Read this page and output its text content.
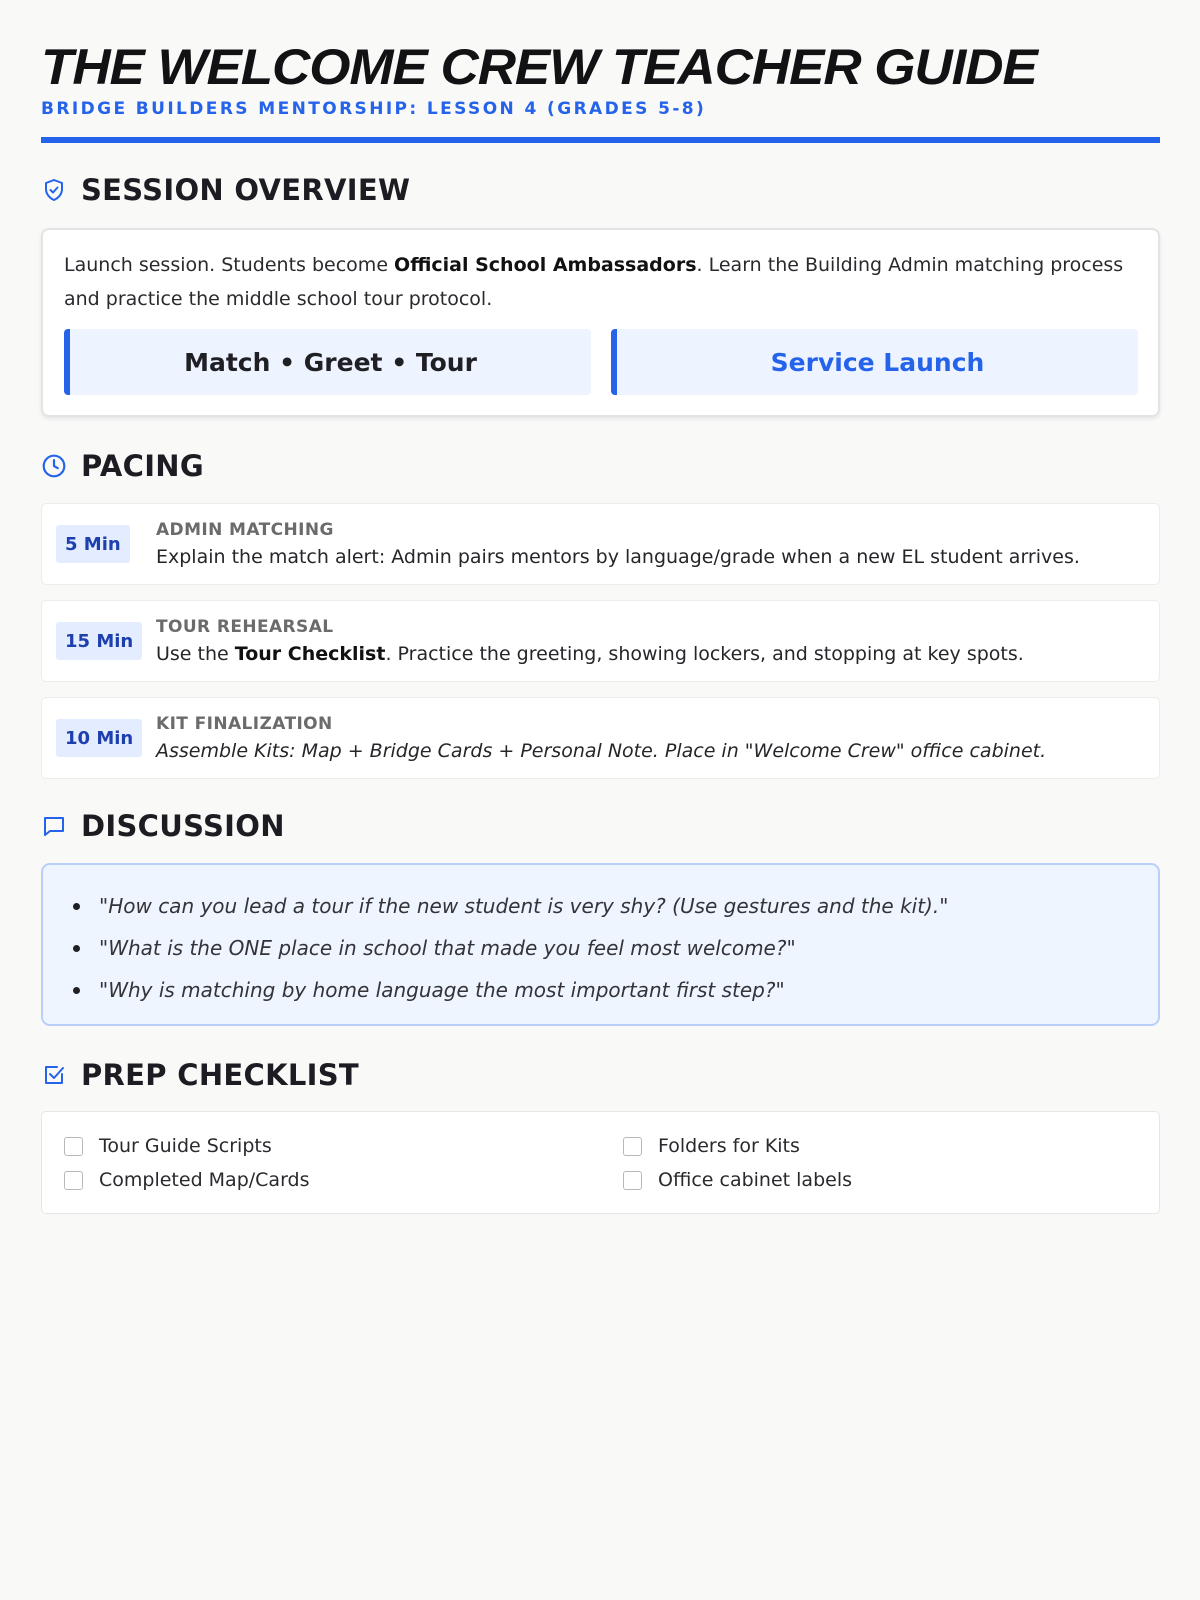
THE WELCOME CREW TEACHER GUIDE
BRIDGE BUILDERS MENTORSHIP: LESSON 4 (GRADES 5-8)
SESSION OVERVIEW

Launch session. Students become Official School Ambassadors. Learn the Building Admin matching process and practice the middle school tour protocol.

Match • Greet • Tour	Service Launch
PACING
5 Min
ADMIN MATCHING
Explain the match alert: Admin pairs mentors by language/grade when a new EL student arrives.
15 Min
TOUR REHEARSAL
Use the Tour Checklist. Practice the greeting, showing lockers, and stopping at key spots.
10 Min
KIT FINALIZATION
Assemble Kits: Map + Bridge Cards + Personal Note. Place in "Welcome Crew" office cabinet.
DISCUSSION
"How can you lead a tour if the new student is very shy? (Use gestures and the kit)."
"What is the ONE place in school that made you feel most welcome?"
"Why is matching by home language the most important first step?"
PREP CHECKLIST
Tour Guide Scripts
Completed Map/Cards
Folders for Kits
Office cabinet labels
